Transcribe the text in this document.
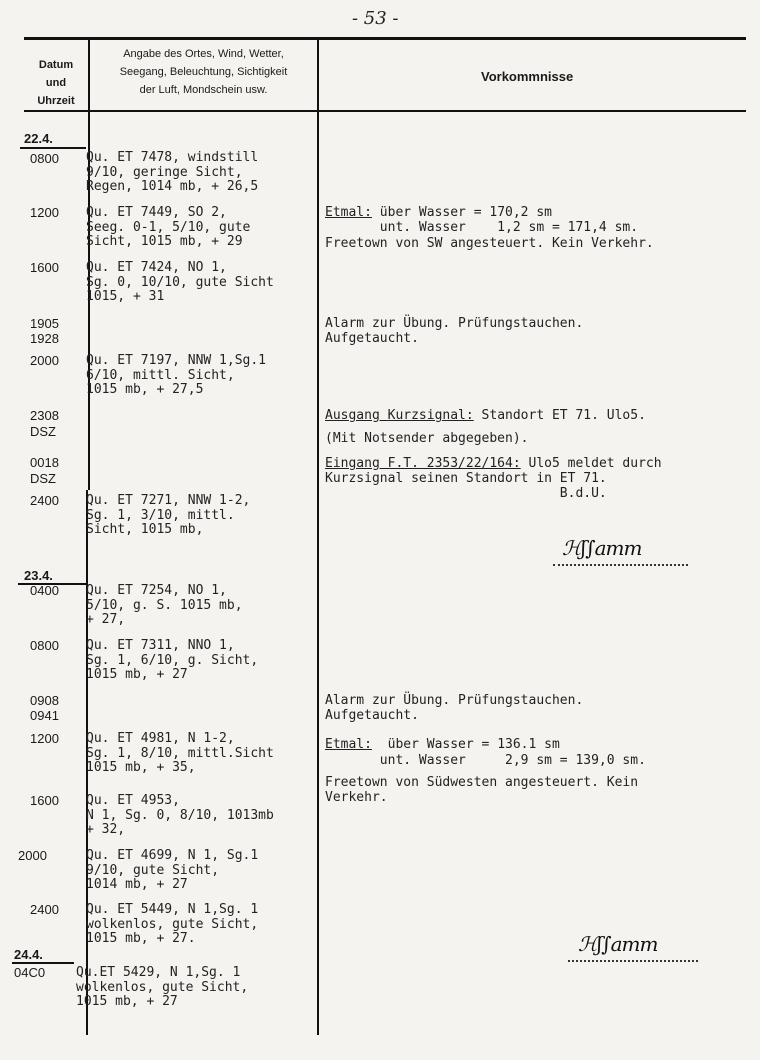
- 53 -
Datum
und
Uhrzeit
Angabe des Ortes, Wind, Wetter,
Seegang, Beleuchtung, Sichtigkeit
der Luft, Mondschein usw.
Vorkommnisse
22.4.
23.4.
24.4.
0800
1200
1600
1905
1928
2000
2308
DSZ
0018
DSZ
2400
0400
0800
0908
0941
1200
1600
2000
2400
04C0
Qu. ET 7478, windstill
9/10, geringe Sicht,
Regen, 1014 mb, + 26,5
Qu. ET 7449, SO 2,
Seeg. 0-1, 5/10, gute
Sicht, 1015 mb, + 29
Qu. ET 7424, NO 1,
Sg. 0, 10/10, gute Sicht
1015, + 31
Qu. ET 7197, NNW 1,Sg.1
6/10, mittl. Sicht,
1015 mb, + 27,5
Qu. ET 7271, NNW 1-2,
Sg. 1, 3/10, mittl.
Sicht, 1015 mb,
Qu. ET 7254, NO 1,
5/10, g. S. 1015 mb,
+ 27,
Qu. ET 7311, NNO 1,
Sg. 1, 6/10, g. Sicht,
1015 mb, + 27
Qu. ET 4981, N 1-2,
Sg. 1, 8/10, mittl.Sicht
1015 mb, + 35,
Qu. ET 4953,
N 1, Sg. 0, 8/10, 1013mb
+ 32,
Qu. ET 4699, N 1, Sg.1
9/10, gute Sicht,
1014 mb, + 27
Qu. ET 5449, N 1,Sg. 1
wolkenlos, gute Sicht,
1015 mb, + 27.
Qu.ET 5429, N 1,Sg. 1
wolkenlos, gute Sicht,
1015 mb, + 27
Etmal: über Wasser = 170,2 sm
unt. Wasser    1,2 sm = 171,4 sm.
Freetown von SW angesteuert. Kein Verkehr.
Alarm zur Übung. Prüfungstauchen.
Aufgetaucht.
Ausgang Kurzsignal: Standort ET 71. Ulo5.
(Mit Notsender abgegeben).
Eingang F.T. 2353/22/164: Ulo5 meldet durch
Kurzsignal seinen Standort in ET 71.
B.d.U.
ℋʃ∫amm
Alarm zur Übung. Prüfungstauchen.
Aufgetaucht.
Etmal:  über Wasser = 136.1 sm
unt. Wasser     2,9 sm = 139,0 sm.
Freetown von Südwesten angesteuert. Kein
Verkehr.
ℋʃ∫amm
